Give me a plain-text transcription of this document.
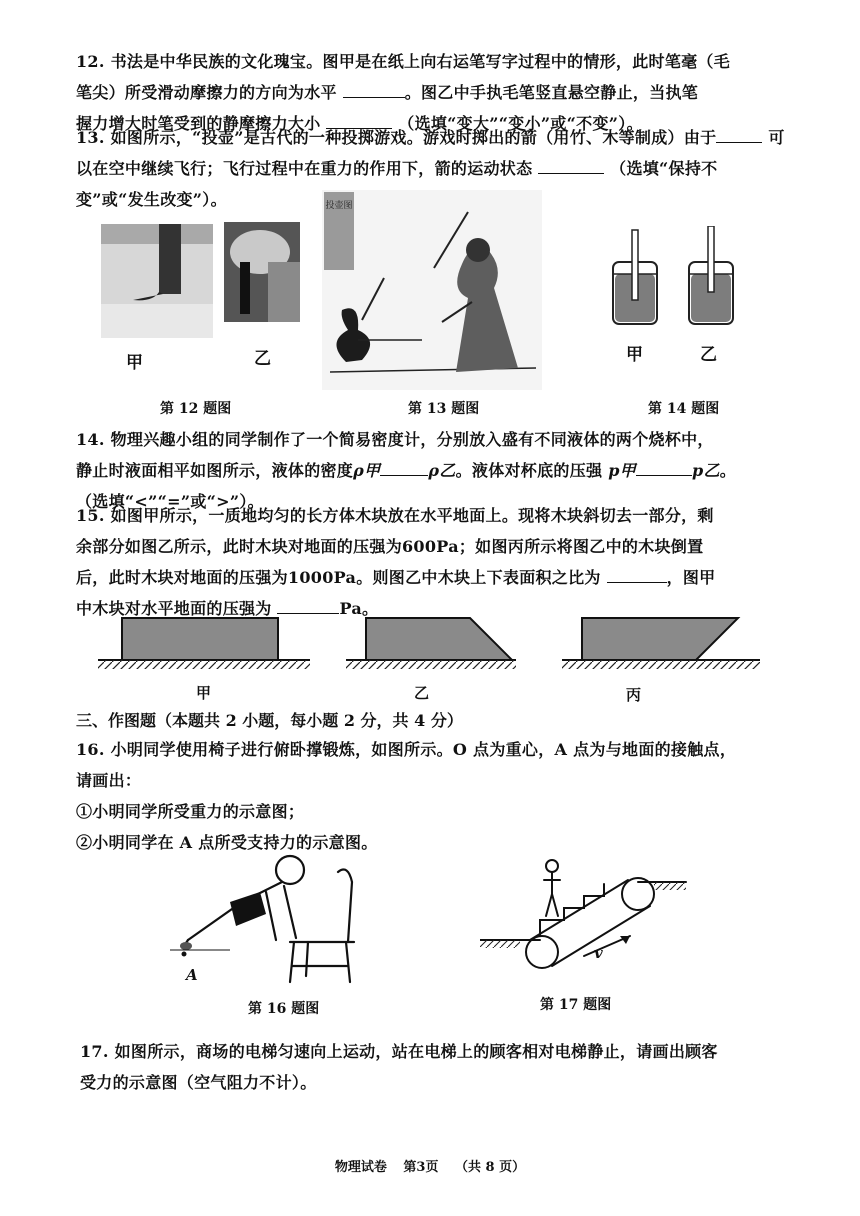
12. 书法是中华民族的文化瑰宝。图甲是在纸上向右运笔写字过程中的情形，此时笔毫（毛

笔尖）所受滑动摩擦力的方向为水平	。图乙中手执毛笔竖直悬空静止，当执笔

握力增大时笔受到的静摩擦力大小	（选填“变大”“变小”或“不变”）。

13. 如图所示，“投壶”是古代的一种投掷游戏。游戏时掷出的箭（用竹、木等制成）由于	可

以在空中继续飞行；飞行过程中在重力的作用下，箭的运动状态	（选填“保持不

变”或“发生改变”）。

甲	乙
投壶图
甲	乙
第 12 题图	第 13 题图	第 14 题图

14. 物理兴趣小组的同学制作了一个简易密度计，分别放入盛有不同液体的两个烧杯中，

静止时液面相平如图所示，液体的密度ρ甲	ρ乙。液体对杯底的压强 p甲	p乙。

（选填“<”“=”或“>”）。

15. 如图甲所示，一质地均匀的长方体木块放在水平地面上。现将木块斜切去一部分，剩

余部分如图乙所示，此时木块对地面的压强为600Pa；如图丙所示将图乙中的木块倒置

后，此时木块对地面的压强为1000Pa。则图乙中木块上下表面积之比为	，图甲

中木块对水平地面的压强为	Pa。

甲	乙	丙
三、作图题（本题共 2 小题，每小题 2 分，共 4 分）

16. 小明同学使用椅子进行俯卧撑锻炼，如图所示。O 点为重心，A 点为与地面的接触点，

请画出：

①小明同学所受重力的示意图；

②小明同学在 A 点所受支持力的示意图。

A
v
第 16 题图	第 17 题图

17. 如图所示，商场的电梯匀速向上运动，站在电梯上的顾客相对电梯静止，请画出顾客

受力的示意图（空气阻力不计）。

物理试卷 第3页 （共 8 页）
